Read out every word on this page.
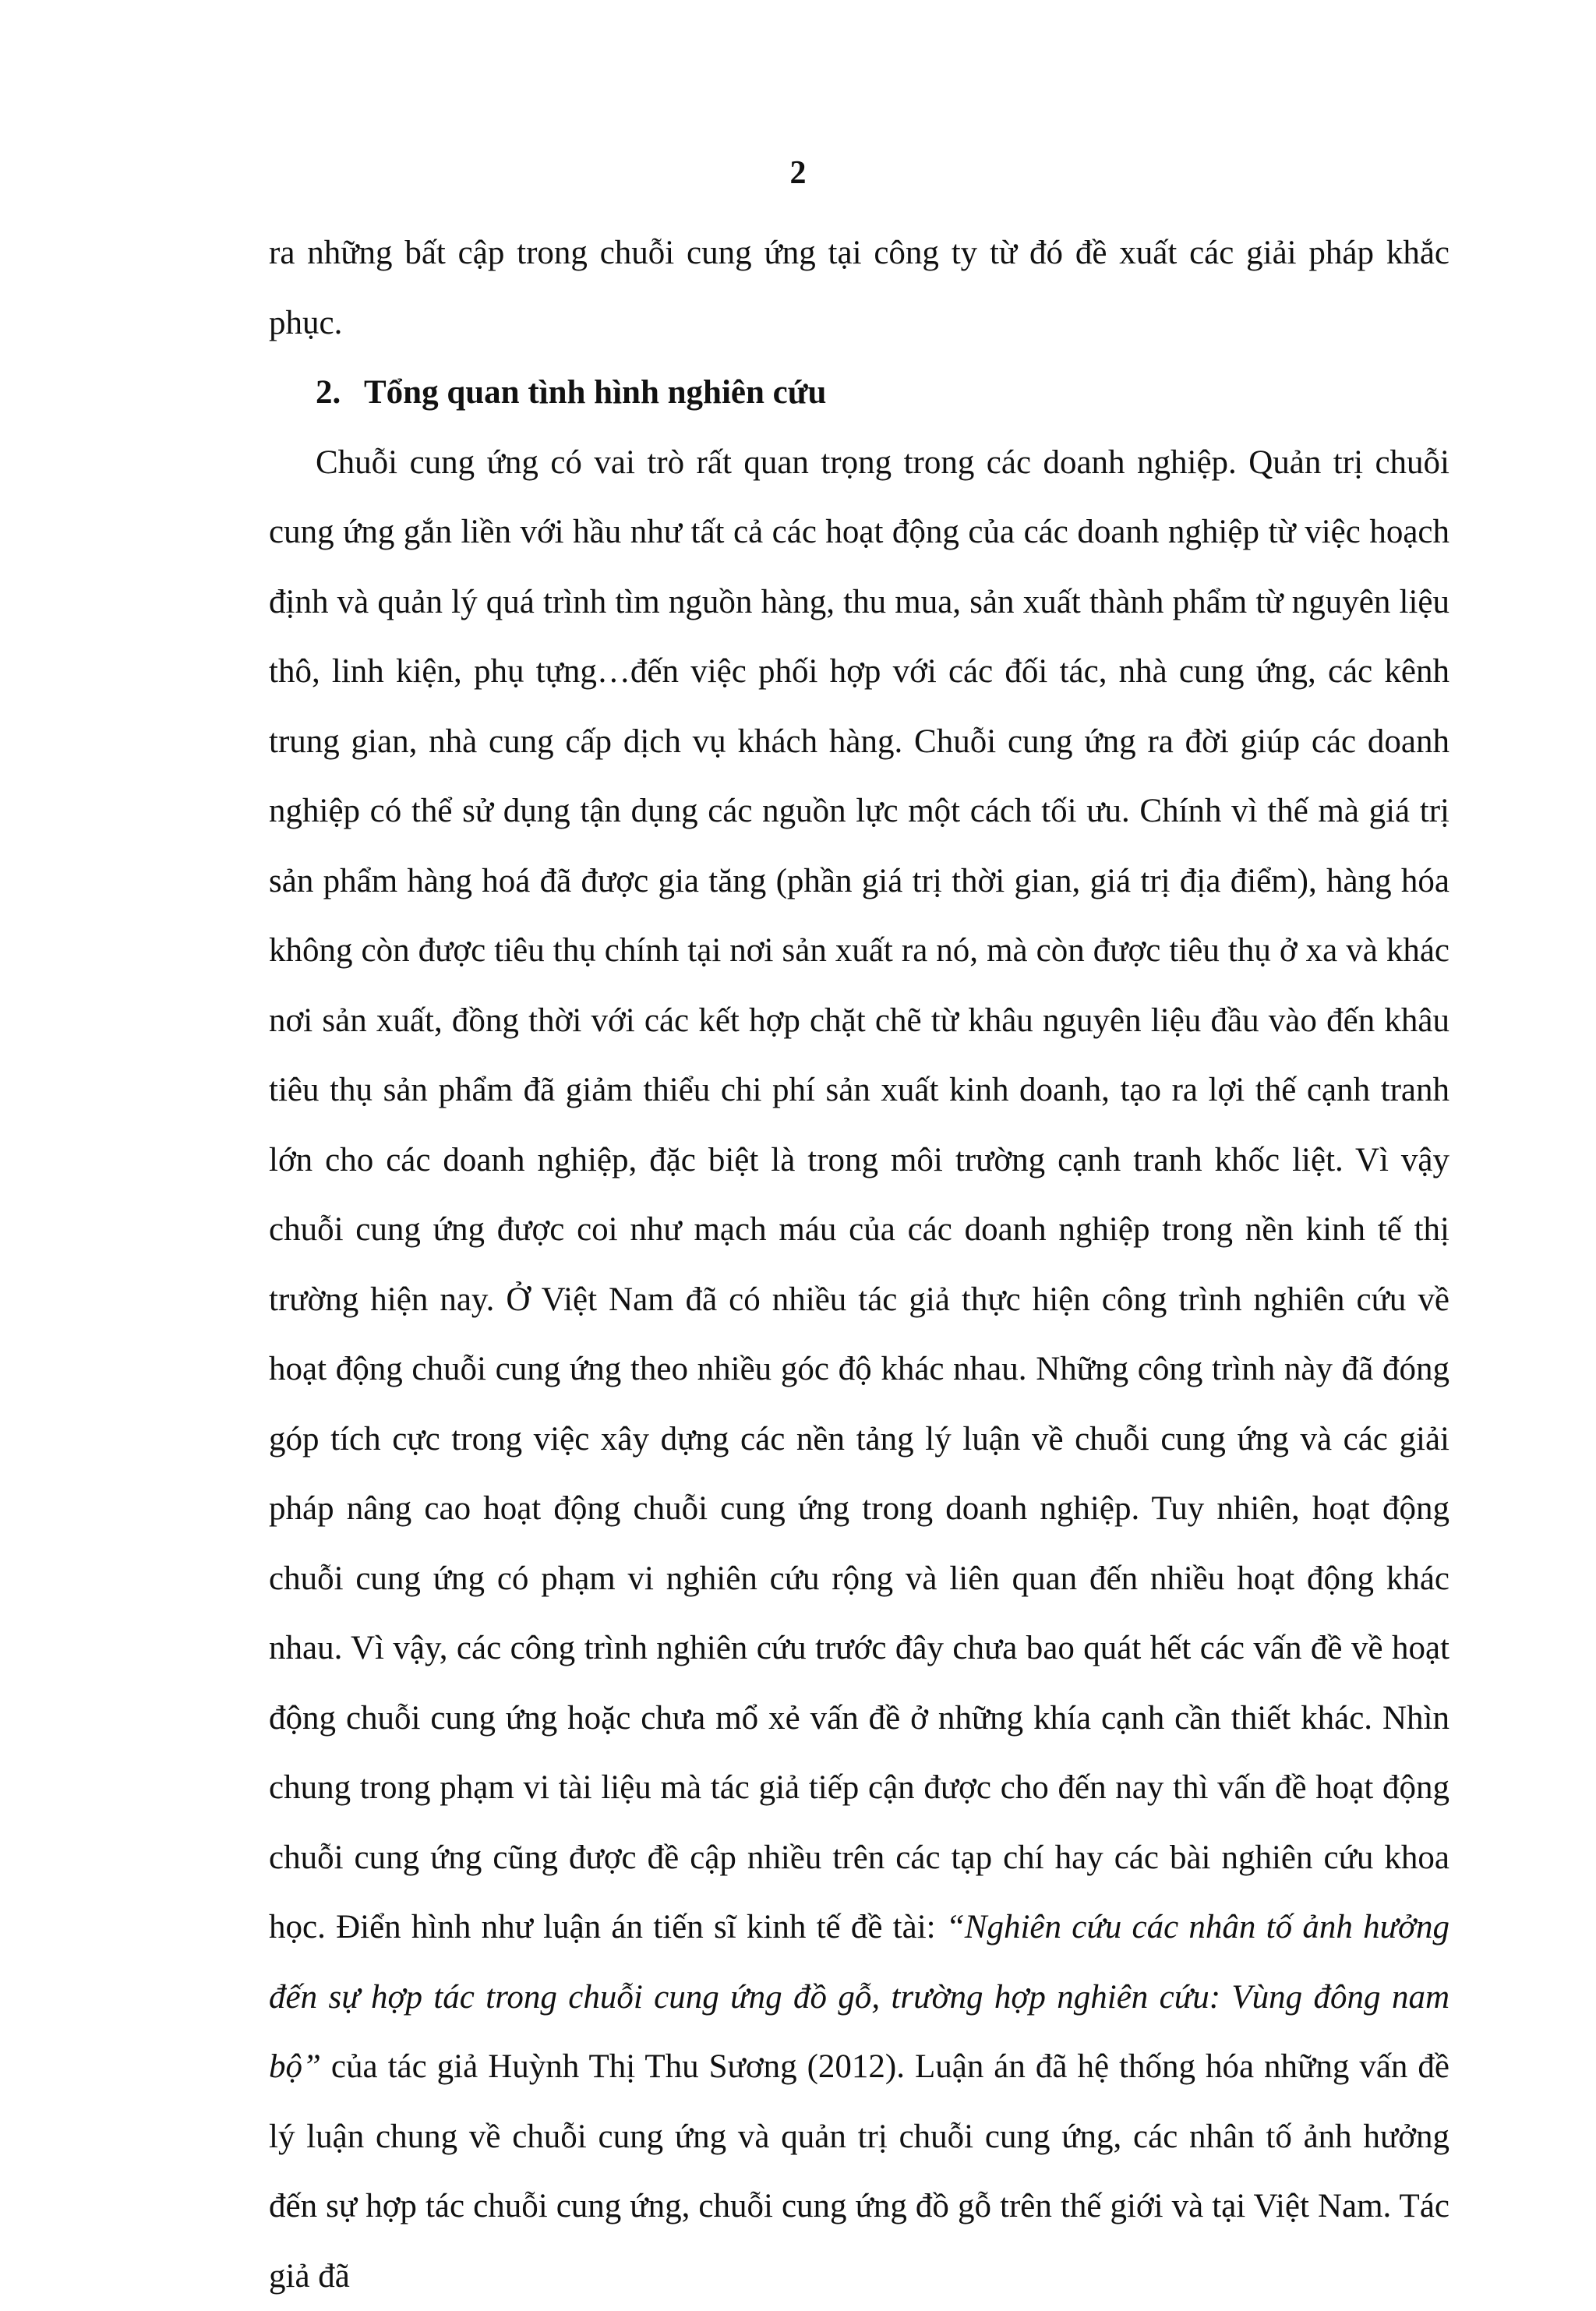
2

ra những bất cập trong chuỗi cung ứng tại công ty từ đó đề xuất các giải pháp khắc phục.

2. Tổng quan tình hình nghiên cứu

Chuỗi cung ứng có vai trò rất quan trọng trong các doanh nghiệp. Quản trị chuỗi cung ứng gắn liền với hầu như tất cả các hoạt động của các doanh nghiệp từ việc hoạch định và quản lý quá trình tìm nguồn hàng, thu mua, sản xuất thành phẩm từ nguyên liệu thô, linh kiện, phụ tựng…đến việc phối hợp với các đối tác, nhà cung ứng, các kênh trung gian, nhà cung cấp dịch vụ khách hàng. Chuỗi cung ứng ra đời giúp các doanh nghiệp có thể sử dụng tận dụng các nguồn lực một cách tối ưu. Chính vì thế mà giá trị sản phẩm hàng hoá đã được gia tăng (phần giá trị thời gian, giá trị địa điểm), hàng hóa không còn được tiêu thụ chính tại nơi sản xuất ra nó, mà còn được tiêu thụ ở xa và khác nơi sản xuất, đồng thời với các kết hợp chặt chẽ từ khâu nguyên liệu đầu vào đến khâu tiêu thụ sản phẩm đã giảm thiểu chi phí sản xuất kinh doanh, tạo ra lợi thế cạnh tranh lớn cho các doanh nghiệp, đặc biệt là trong môi trường cạnh tranh khốc liệt. Vì vậy chuỗi cung ứng được coi như mạch máu của các doanh nghiệp trong nền kinh tế thị trường hiện nay. Ở Việt Nam đã có nhiều tác giả thực hiện công trình nghiên cứu về hoạt động chuỗi cung ứng theo nhiều góc độ khác nhau. Những công trình này đã đóng góp tích cực trong việc xây dựng các nền tảng lý luận về chuỗi cung ứng và các giải pháp nâng cao hoạt động chuỗi cung ứng trong doanh nghiệp. Tuy nhiên, hoạt động chuỗi cung ứng có phạm vi nghiên cứu rộng và liên quan đến nhiều hoạt động khác nhau. Vì vậy, các công trình nghiên cứu trước đây chưa bao quát hết các vấn đề về hoạt động chuỗi cung ứng hoặc chưa mổ xẻ vấn đề ở những khía cạnh cần thiết khác. Nhìn chung trong phạm vi tài liệu mà tác giả tiếp cận được cho đến nay thì vấn đề hoạt động chuỗi cung ứng cũng được đề cập nhiều trên các tạp chí hay các bài nghiên cứu khoa học. Điển hình như luận án tiến sĩ kinh tế đề tài: “Nghiên cứu các nhân tố ảnh hưởng đến sự hợp tác trong chuỗi cung ứng đồ gỗ, trường hợp nghiên cứu: Vùng đông nam bộ” của tác giả Huỳnh Thị Thu Sương (2012). Luận án đã hệ thống hóa những vấn đề lý luận chung về chuỗi cung ứng và quản trị chuỗi cung ứng, các nhân tố ảnh hưởng đến sự hợp tác chuỗi cung ứng, chuỗi cung ứng đồ gỗ trên thế giới và tại Việt Nam. Tác giả đã
